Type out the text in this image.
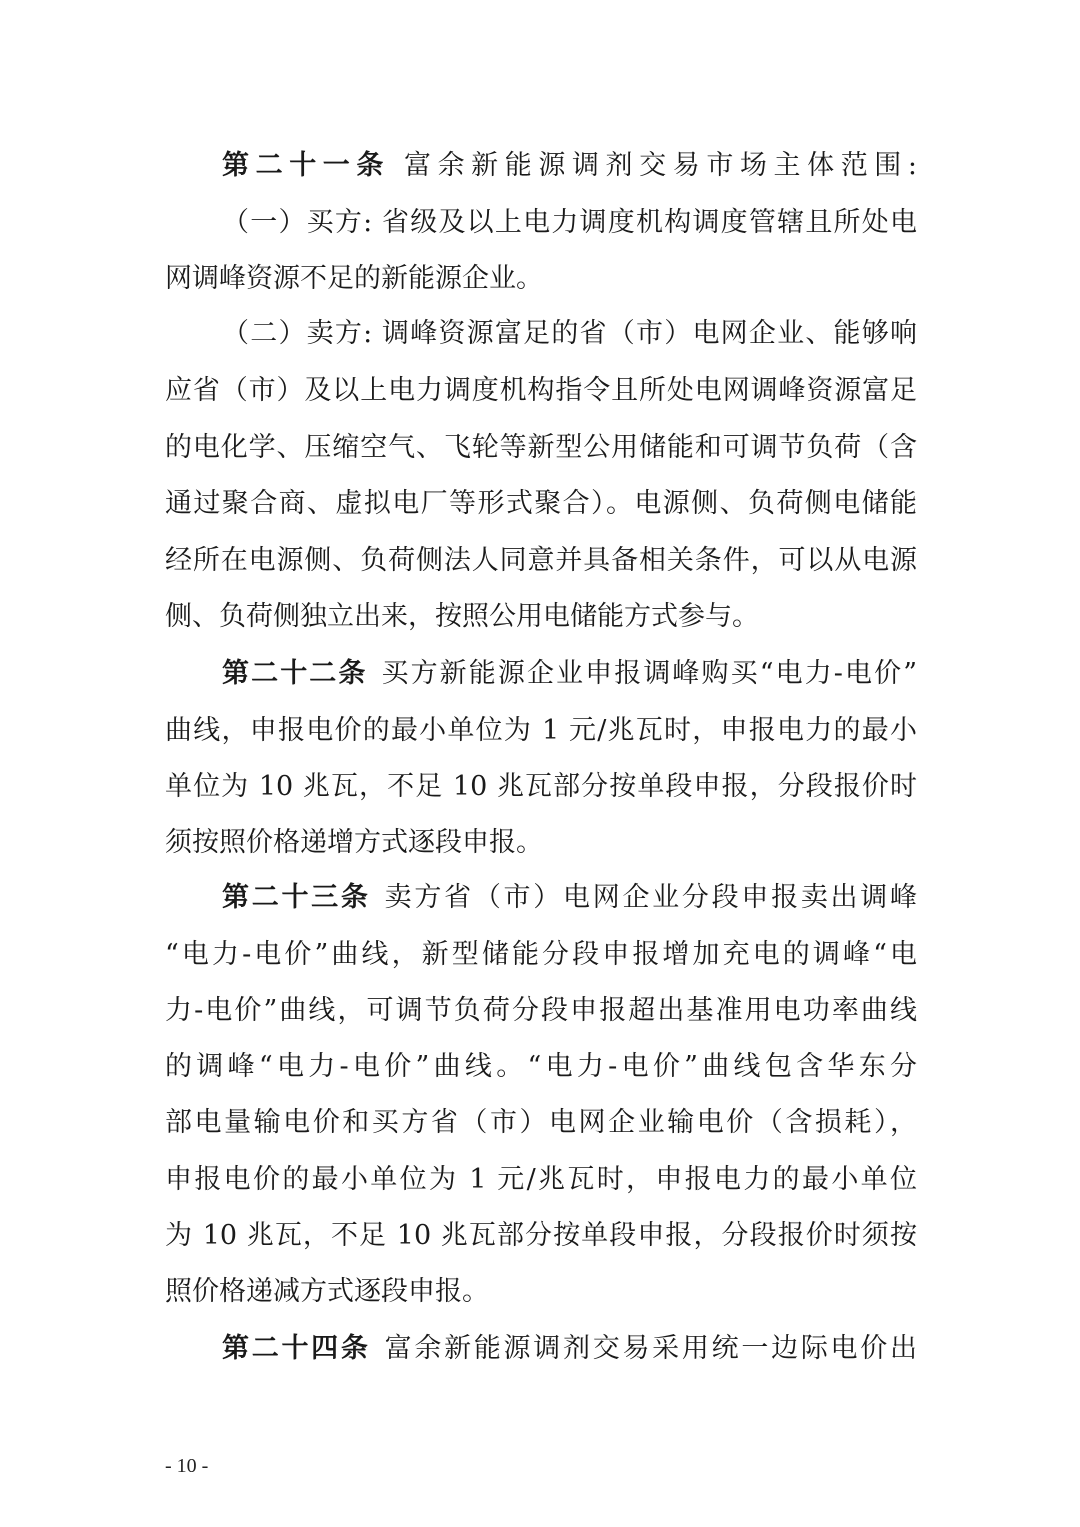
第二十一条 富余新能源调剂交易市场主体范围:
（一）买方: 省级及以上电力调度机构调度管辖且所处电
网调峰资源不足的新能源企业。
（二）卖方: 调峰资源富足的省（市）电网企业、能够响
应省（市）及以上电力调度机构指令且所处电网调峰资源富足
的电化学、压缩空气、飞轮等新型公用储能和可调节负荷（含
通过聚合商、虚拟电厂等形式聚合）。电源侧、负荷侧电储能
经所在电源侧、负荷侧法人同意并具备相关条件，可以从电源
侧、负荷侧独立出来，按照公用电储能方式参与。
第二十二条 买方新能源企业申报调峰购买“电力-电价”
曲线，申报电价的最小单位为 1 元/兆瓦时，申报电力的最小
单位为 10 兆瓦，不足 10 兆瓦部分按单段申报，分段报价时
须按照价格递增方式逐段申报。
第二十三条 卖方省（市）电网企业分段申报卖出调峰
“电力-电价”曲线，新型储能分段申报增加充电的调峰“电
力-电价”曲线，可调节负荷分段申报超出基准用电功率曲线
的调峰“电力-电价”曲线。“电力-电价”曲线包含华东分
部电量输电价和买方省（市）电网企业输电价（含损耗），
申报电价的最小单位为 1 元/兆瓦时，申报电力的最小单位
为 10 兆瓦，不足 10 兆瓦部分按单段申报，分段报价时须按
照价格递减方式逐段申报。
第二十四条 富余新能源调剂交易采用统一边际电价出
- 10 -
